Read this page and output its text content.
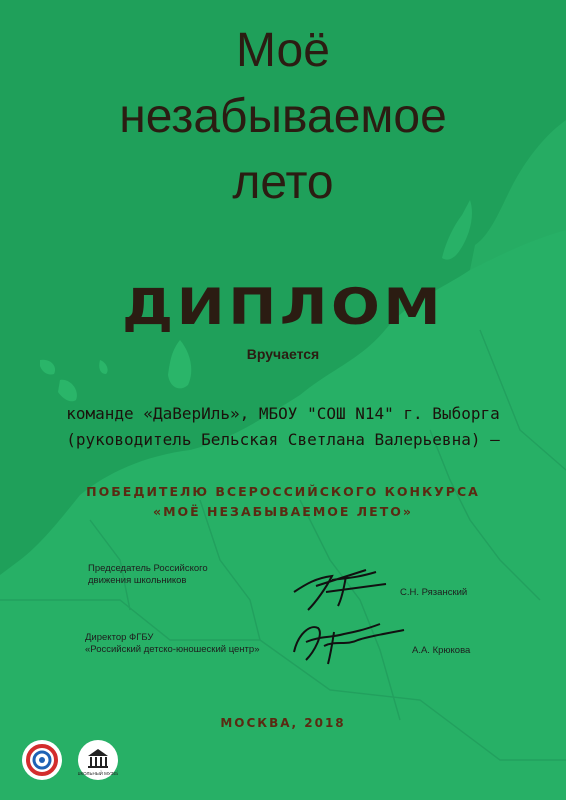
Моё
незабываемое
лето
ДИПЛОМ
Вручается
команде «ДаВерИль», МБОУ "СОШ N14" г. Выборга
(руководитель Бельская Светлана Валерьевна) –
ПОБЕДИТЕЛЮ ВСЕРОССИЙСКОГО КОНКУРСА
«МОЁ НЕЗАБЫВАЕМОЕ ЛЕТО»
Председатель Российского
движения школьников
С.Н. Рязанский
Директор ФГБУ
«Российский детско-юношеский центр»	А.А. Крюкова
МОСКВА, 2018
ШКОЛЬНЫЙ МУЗЕЙ
